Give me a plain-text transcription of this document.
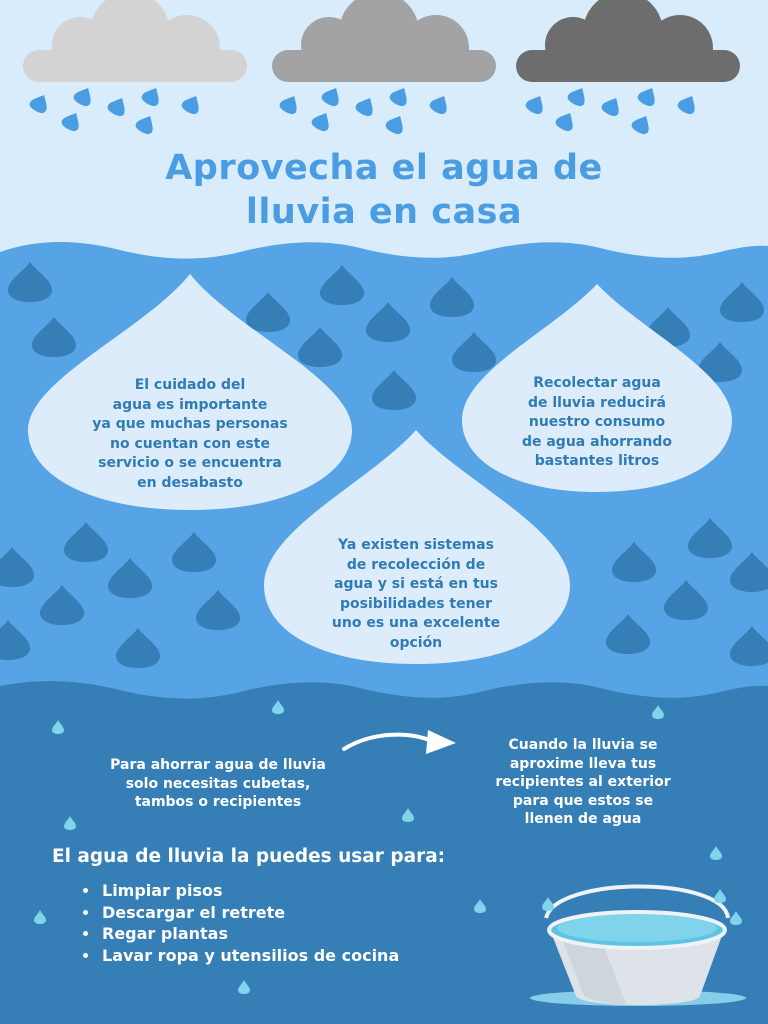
Aprovecha el agua de
lluvia en casa
El cuidado del
agua es importante
ya que muchas personas
no cuentan con este
servicio o se encuentra
en desabasto
Recolectar agua
de lluvia reducirá
nuestro consumo
de agua ahorrando
bastantes litros
Ya existen sistemas
de recolección de
agua y si está en tus
posibilidades tener
uno es una excelente
opción
Para ahorrar agua de lluvia
solo necesitas cubetas,
tambos o recipientes
Cuando la lluvia se
aproxime lleva tus
recipientes al exterior
para que estos se
llenen de agua
El agua de lluvia la puedes usar para:
• Limpiar pisos
• Descargar el retrete
• Regar plantas
• Lavar ropa y utensilios de cocina
